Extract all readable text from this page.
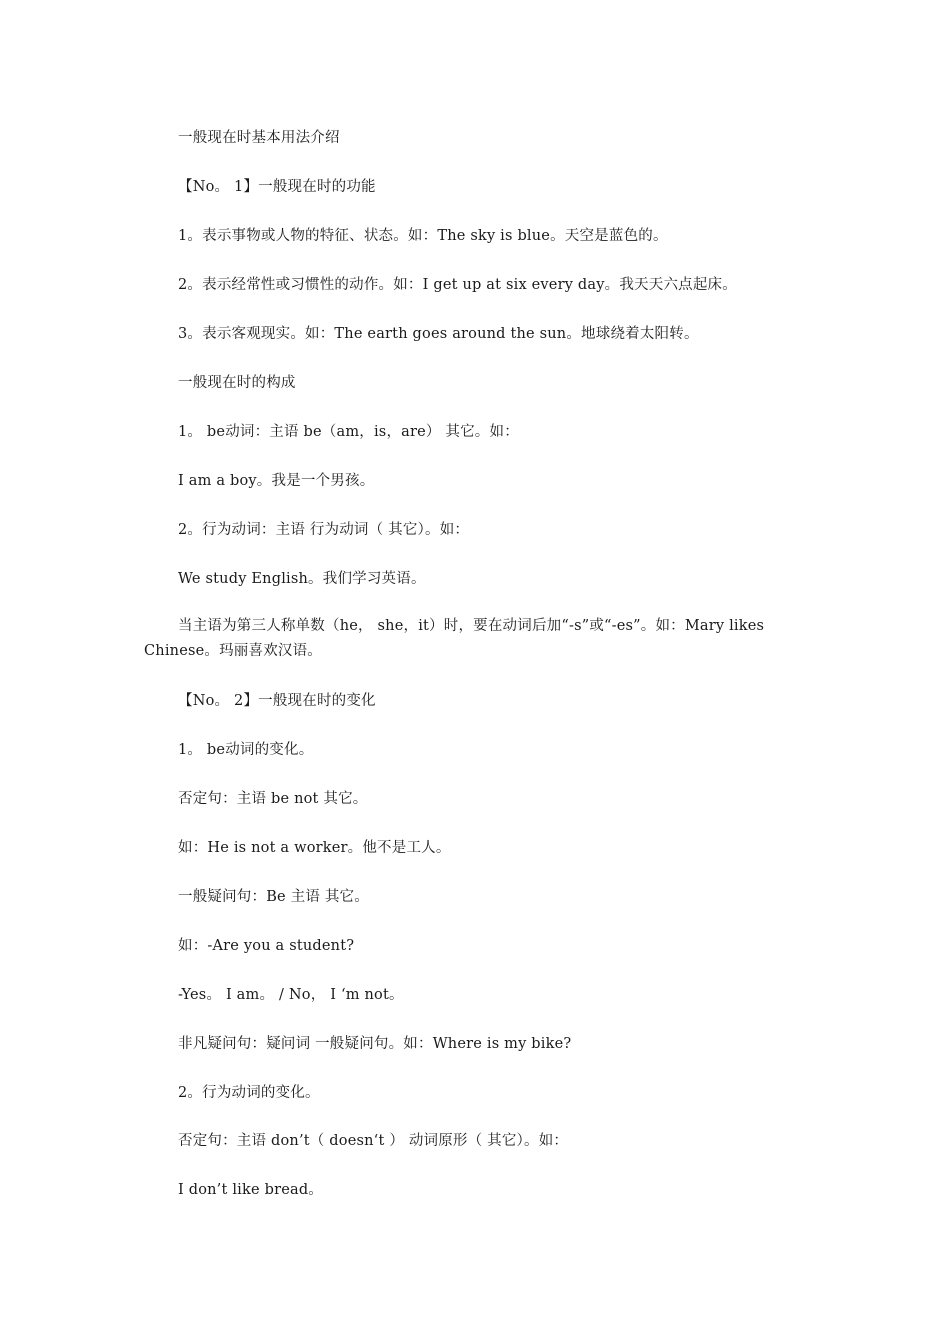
一般现在时基本用法介绍
【No。 1】一般现在时的功能
1。表示事物或人物的特征、状态。如：The sky is blue。天空是蓝色的。
2。表示经常性或习惯性的动作。如：I get up at six every day。我天天六点起床。
3。表示客观现实。如：The earth goes around the sun。地球绕着太阳转。
一般现在时的构成
1。 be动词：主语 be（am，is，are） 其它。如：
I am a boy。我是一个男孩。
2。行为动词：主语 行为动词（ 其它）。如：
We study English。我们学习英语。
当主语为第三人称单数（he， she，it）时，要在动词后加“-s”或“-es”。如：Mary likes Chinese。玛丽喜欢汉语。
【No。 2】一般现在时的变化
1。 be动词的变化。
否定句：主语 be not 其它。
如：He is not a worker。他不是工人。
一般疑问句：Be 主语 其它。
如：-Are you a student?
-Yes。 I am。 / No， I ‘m not。
非凡疑问句：疑问词 一般疑问句。如：Where is my bike?
2。行为动词的变化。
否定句：主语 don’t（ doesn‘t ） 动词原形（ 其它）。如：
I don’t like bread。
